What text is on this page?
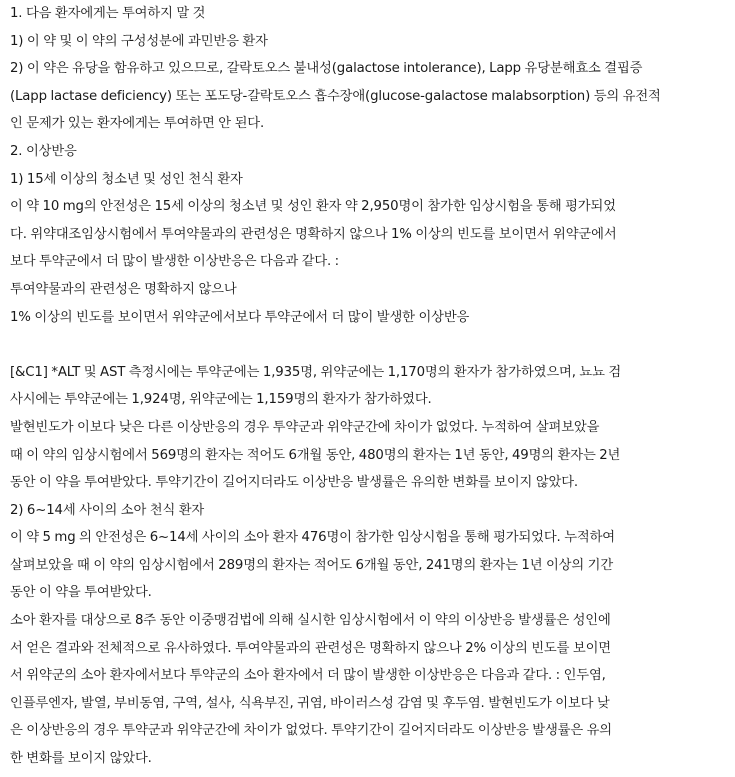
1. 다음 환자에게는 투여하지 말 것
1) 이 약 및 이 약의 구성성분에 과민반응 환자
2) 이 약은 유당을 함유하고 있으므로, 갈락토오스 불내성(galactose intolerance), Lapp 유당분해효소 결핍증
(Lapp lactase deficiency) 또는 포도당-갈락토오스 흡수장애(glucose-galactose malabsorption) 등의 유전적
인 문제가 있는 환자에게는 투여하면 안 된다.
2. 이상반응
1) 15세 이상의 청소년 및 성인 천식 환자
이 약 10 mg의 안전성은 15세 이상의 청소년 및 성인 환자 약 2,950명이 참가한 임상시험을 통해 평가되었
다. 위약대조임상시험에서 투여약물과의 관련성은 명확하지 않으나 1% 이상의 빈도를 보이면서 위약군에서
보다 투약군에서 더 많이 발생한 이상반응은 다음과 같다. :
투여약물과의 관련성은 명확하지 않으나
1% 이상의 빈도를 보이면서 위약군에서보다 투약군에서 더 많이 발생한 이상반응
[&C1] *ALT 및 AST 측정시에는 투약군에는 1,935명, 위약군에는 1,170명의 환자가 참가하였으며, 뇨뇨 검
사시에는 투약군에는 1,924명, 위약군에는 1,159명의 환자가 참가하였다.
발현빈도가 이보다 낮은 다른 이상반응의 경우 투약군과 위약군간에 차이가 없었다. 누적하여 살펴보았을
때 이 약의 임상시험에서 569명의 환자는 적어도 6개월 동안, 480명의 환자는 1년 동안, 49명의 환자는 2년
동안 이 약을 투여받았다. 투약기간이 길어지더라도 이상반응 발생률은 유의한 변화를 보이지 않았다.
2) 6~14세 사이의 소아 천식 환자
이 약 5 mg 의 안전성은 6~14세 사이의 소아 환자 476명이 참가한 임상시험을 통해 평가되었다. 누적하여
살펴보았을 때 이 약의 임상시험에서 289명의 환자는 적어도 6개월 동안, 241명의 환자는 1년 이상의 기간
동안 이 약을 투여받았다.
소아 환자를 대상으로 8주 동안 이중맹검법에 의해 실시한 임상시험에서 이 약의 이상반응 발생률은 성인에
서 얻은 결과와 전체적으로 유사하였다. 투여약물과의 관련성은 명확하지 않으나 2% 이상의 빈도를 보이면
서 위약군의 소아 환자에서보다 투약군의 소아 환자에서 더 많이 발생한 이상반응은 다음과 같다. : 인두염,
인플루엔자, 발열, 부비동염, 구역, 설사, 식욕부진, 귀염, 바이러스성 감염 및 후두염. 발현빈도가 이보다 낮
은 이상반응의 경우 투약군과 위약군간에 차이가 없었다. 투약기간이 길어지더라도 이상반응 발생률은 유의
한 변화를 보이지 않았다.
